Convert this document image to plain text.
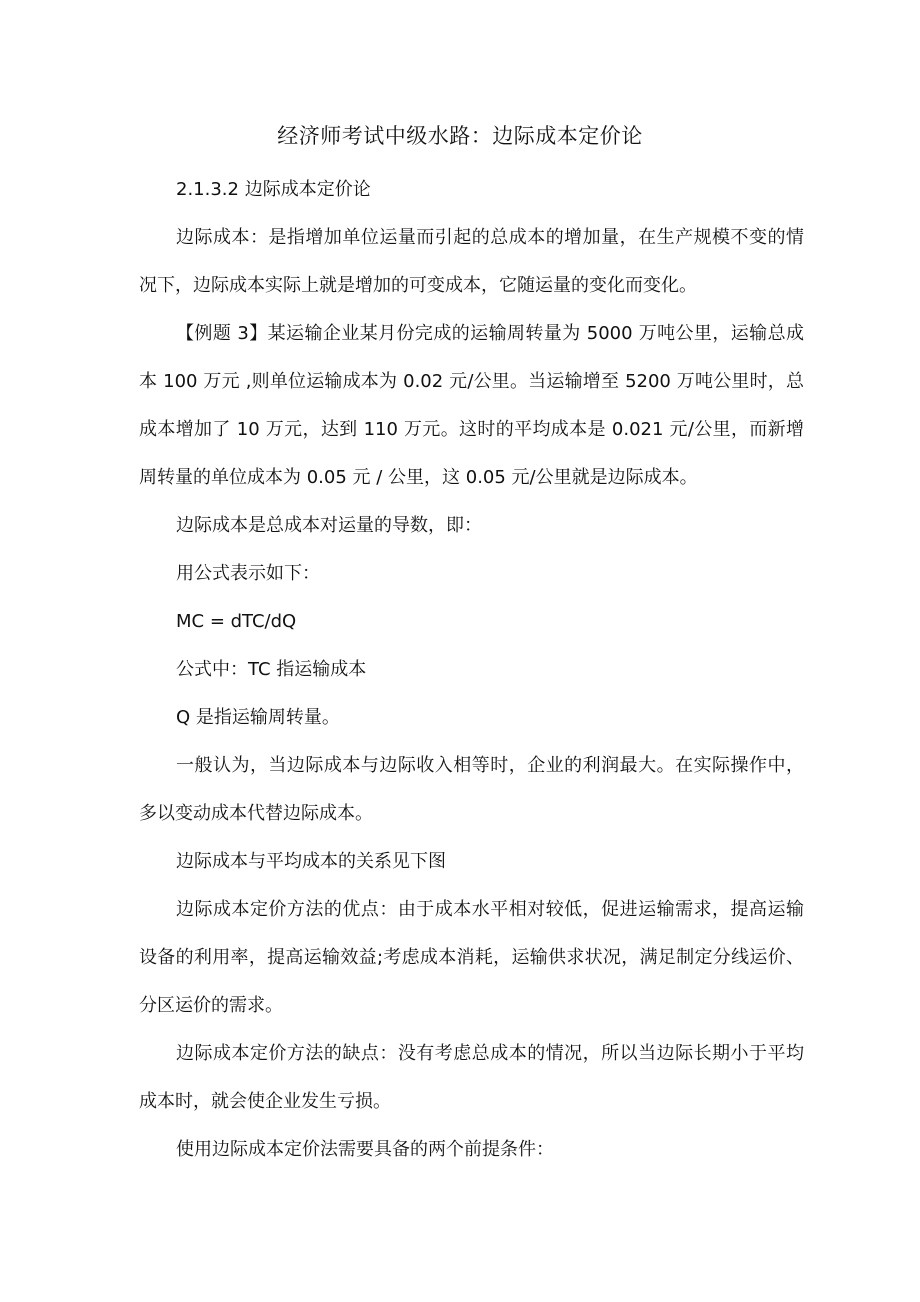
经济师考试中级水路：边际成本定价论

2.1.3.2 边际成本定价论

边际成本：是指增加单位运量而引起的总成本的增加量，在生产规模不变的情况下，边际成本实际上就是增加的可变成本，它随运量的变化而变化。

【例题 3】某运输企业某月份完成的运输周转量为 5000 万吨公里，运输总成本 100 万元 ,则单位运输成本为 0.02 元/公里。当运输增至 5200 万吨公里时，总成本增加了 10 万元，达到 110 万元。这时的平均成本是 0.021 元/公里，而新增周转量的单位成本为 0.05 元 / 公里，这 0.05 元/公里就是边际成本。

边际成本是总成本对运量的导数，即：

用公式表示如下：

MC = dTC/dQ

公式中：TC 指运输成本

Q 是指运输周转量。

一般认为，当边际成本与边际收入相等时，企业的利润最大。在实际操作中，多以变动成本代替边际成本。

边际成本与平均成本的关系见下图

边际成本定价方法的优点：由于成本水平相对较低，促进运输需求，提高运输设备的利用率，提高运输效益;考虑成本消耗，运输供求状况，满足制定分线运价、分区运价的需求。

边际成本定价方法的缺点：没有考虑总成本的情况，所以当边际长期小于平均成本时，就会使企业发生亏损。

使用边际成本定价法需要具备的两个前提条件：
